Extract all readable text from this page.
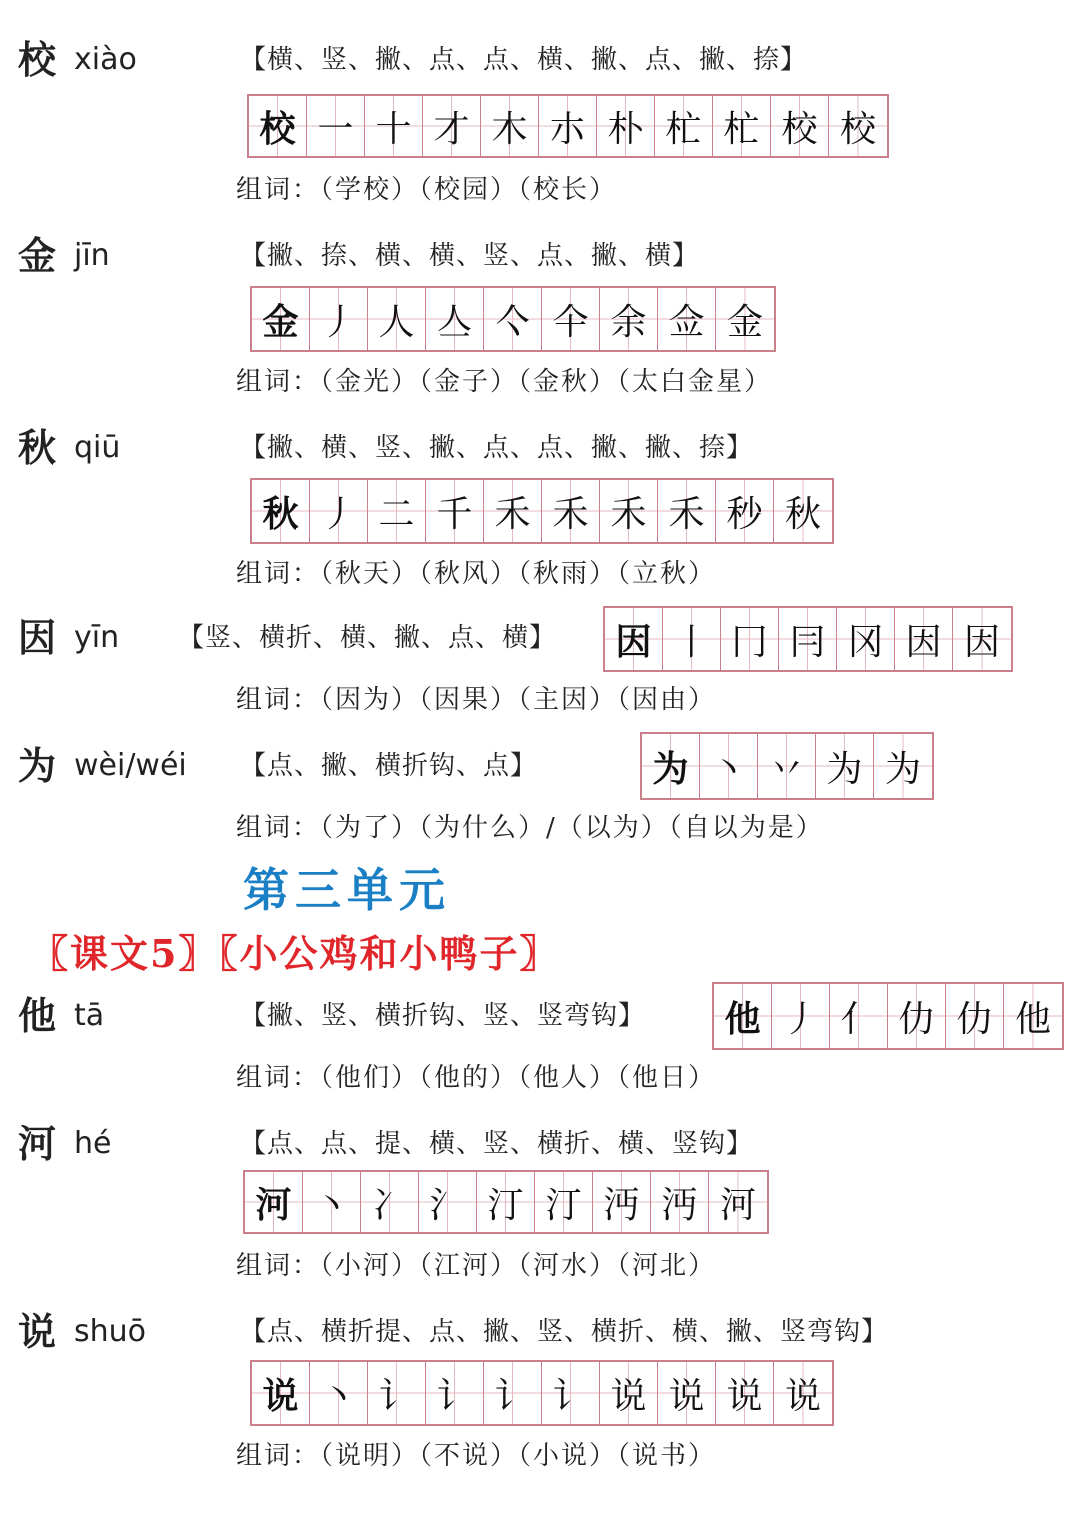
校 xiào	【横、竖、撇、点、点、横、撇、点、撇、捺】
校 一 十 才 木 朩 朴 杧 杧 校 校
组词：（学校）（校园）（校长）
金 jīn	【撇、捺、横、横、竖、点、撇、横】
金 丿 人 亼 亽 仐 余 佥 金
组词：（金光）（金子）（金秋）（太白金星）
秋 qiū	【撇、横、竖、撇、点、点、撇、撇、捺】
秋 丿 二 千 禾 禾 禾 禾 秒 秋
组词：（秋天）（秋风）（秋雨）（立秋）
因 yīn 【竖、横折、横、撇、点、横】 因 丨 冂 冃 冈 因 因
组词：（因为）（因果）（主因）（因由）
为 wèi/wéi 【点、撇、横折钩、点】	为 丶 丷 为 为
组词：（为了）（为什么）/（以为）（自以为是）
第三单元
〖课文5〗〖小公鸡和小鸭子〗
他 tā	【撇、竖、横折钩、竖、竖弯钩】 他 丿 亻 仂 仂 他
组词：（他们）（他的）（他人）（他日）
河 hé	【点、点、提、横、竖、横折、横、竖钩】
河 丶 冫 氵 汀 汀 沔 沔 河
组词：（小河）（江河）（河水）（河北）
说 shuō	【点、横折提、点、撇、竖、横折、横、撇、竖弯钩】
说 丶 讠 讠 讠 讠 说 说 说 说
组词：（说明）（不说）（小说）（说书）
